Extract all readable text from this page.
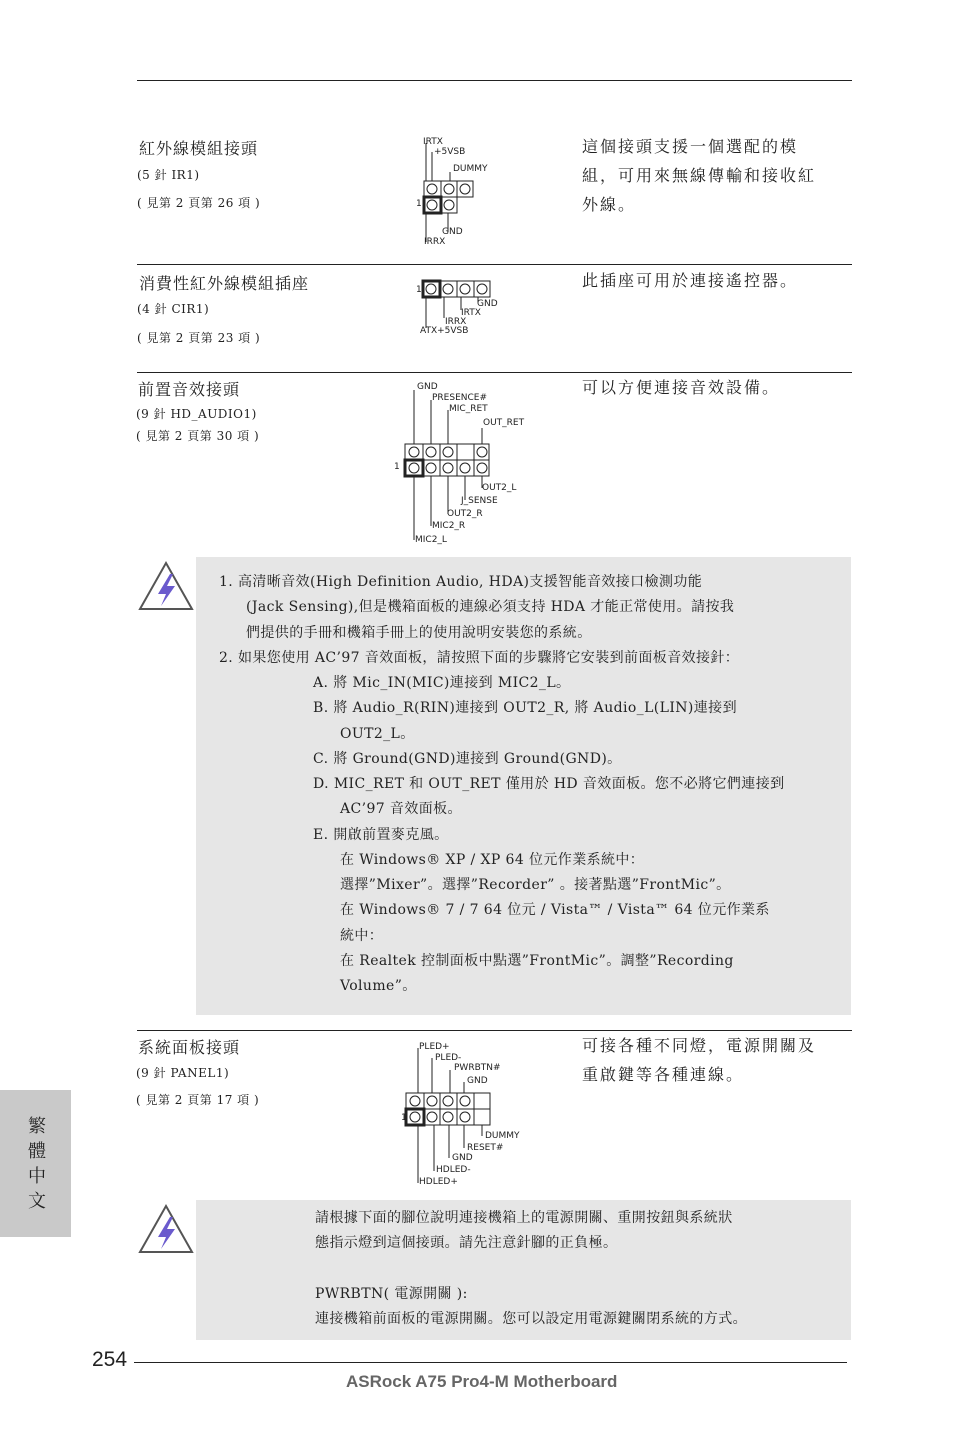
紅外線模組接頭
(5 針 IR1)
( 見第 2 頁第 26 項 )
這個接頭支援一個選配的模
組，可用來無線傳輸和接收紅
外線。
IRTX
+5VSB
DUMMY
1
GND
IRRX
消費性紅外線模組插座
(4 針 CIR1)
( 見第 2 頁第 23 項 )
此插座可用於連接遙控器。
1
GND
IRTX
IRRX
ATX+5VSB
前置音效接頭
(9 針 HD_AUDIO1)
( 見第 2 頁第 30 項 )
可以方便連接音效設備。
GND
PRESENCE#
MIC_RET
OUT_RET
1
OUT2_L
J_SENSE
OUT2_R
MIC2_R
MIC2_L
1. 高清晰音效(High Definition Audio, HDA)支援智能音效接口檢測功能
(Jack Sensing),但是機箱面板的連線必須支持 HDA 才能正常使用。請按我
們提供的手冊和機箱手冊上的使用說明安裝您的系統。
2. 如果您使用 AC’97 音效面板，請按照下面的步驟將它安裝到前面板音效接針：
A. 將 Mic_IN(MIC)連接到 MIC2_L。
B. 將 Audio_R(RIN)連接到 OUT2_R, 將 Audio_L(LIN)連接到
OUT2_L。
C. 將 Ground(GND)連接到 Ground(GND)。
D. MIC_RET 和 OUT_RET 僅用於 HD 音效面板。您不必將它們連接到
AC’97 音效面板。
E. 開啟前置麥克風。
在 Windows® XP / XP 64 位元作業系統中：
選擇”Mixer”。選擇”Recorder” 。接著點選”FrontMic”。
在 Windows® 7 / 7 64 位元 / Vista™ / Vista™ 64 位元作業系
統中：
在 Realtek 控制面板中點選”FrontMic”。調整”Recording
Volume”。
系統面板接頭
(9 針 PANEL1)
( 見第 2 頁第 17 項 )
可接各種不同燈，電源開關及
重啟鍵等各種連線。
PLED+
PLED-
PWRBTN#
GND
1
DUMMY
RESET#
GND
HDLED-
HDLED+
請根據下面的腳位說明連接機箱上的電源開關、重開按鈕與系統狀
態指示燈到這個接頭。請先注意針腳的正負極。
PWRBTN( 電源開關 ):
連接機箱前面板的電源開關。您可以設定用電源鍵關閉系統的方式。
繁
體
中
文
254
ASRock A75 Pro4-M Motherboard
